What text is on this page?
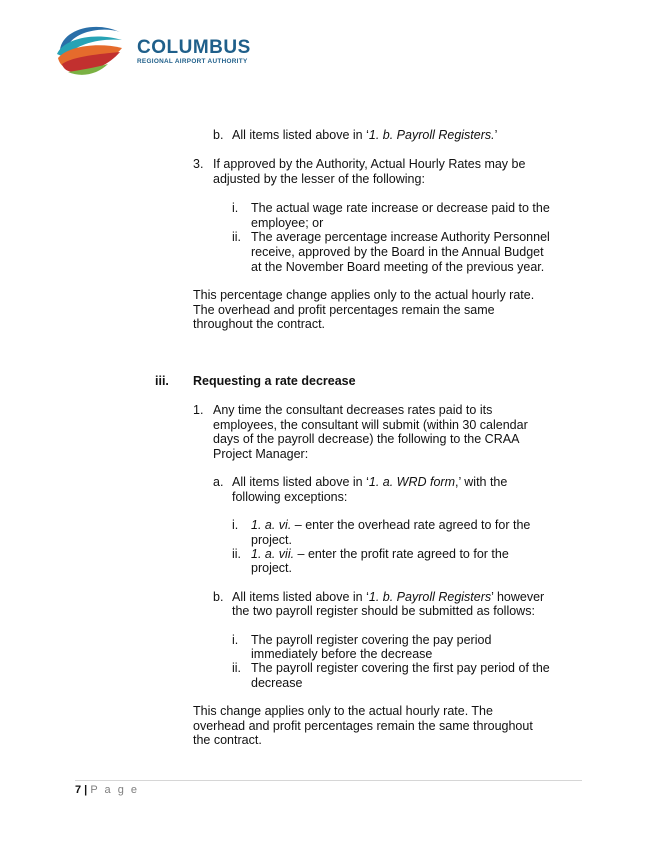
COLUMBUS
REGIONAL AIRPORT AUTHORITY
b. All items listed above in ‘1. b. Payroll Registers.’
3. If approved by the Authority, Actual Hourly Rates may be
adjusted by the lesser of the following:
i. The actual wage rate increase or decrease paid to the
employee; or
ii. The average percentage increase Authority Personnel
receive, approved by the Board in the Annual Budget
at the November Board meeting of the previous year.
This percentage change applies only to the actual hourly rate.
The overhead and profit percentages remain the same
throughout the contract.
iii. Requesting a rate decrease
1. Any time the consultant decreases rates paid to its
employees, the consultant will submit (within 30 calendar
days of the payroll decrease) the following to the CRAA
Project Manager:
a. All items listed above in ‘1. a. WRD form,’ with the
following exceptions:
i. 1. a. vi. – enter the overhead rate agreed to for the
project.
ii. 1. a. vii. – enter the profit rate agreed to for the
project.
b. All items listed above in ‘1. b. Payroll Registers’ however
the two payroll register should be submitted as follows:
i. The payroll register covering the pay period
immediately before the decrease
ii. The payroll register covering the first pay period of the
decrease
This change applies only to the actual hourly rate. The
overhead and profit percentages remain the same throughout
the contract.
7 | P a g e
